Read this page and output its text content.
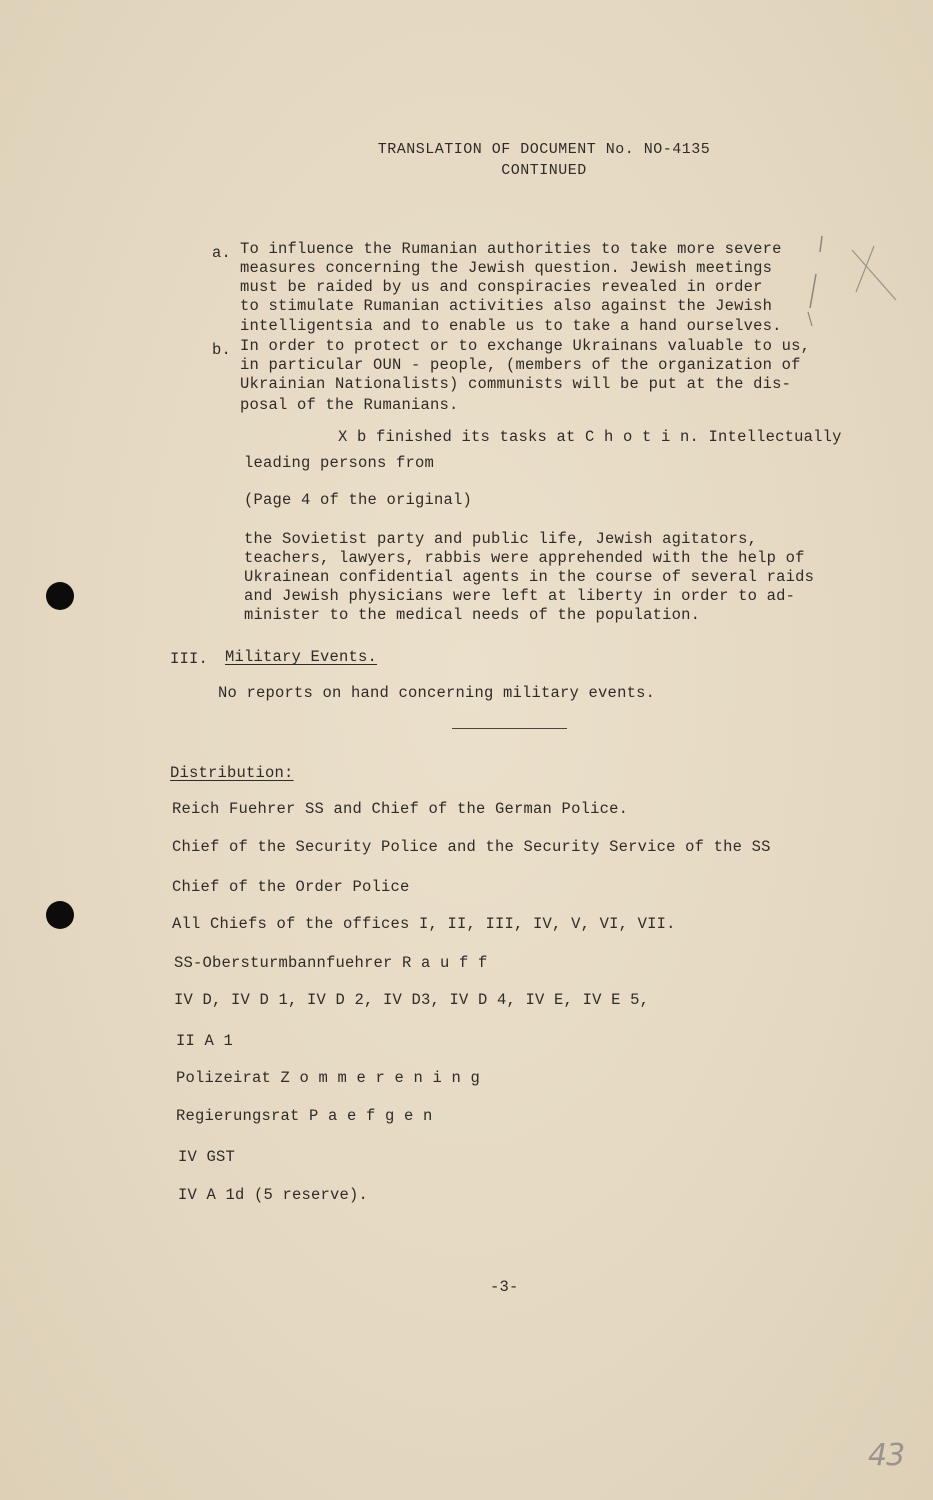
TRANSLATION OF DOCUMENT No. NO-4135
CONTINUED
a. To influence the Rumanian authorities to take more severe
measures concerning the Jewish question. Jewish meetings
must be raided by us and conspiracies revealed in order
to stimulate Rumanian activities also against the Jewish
intelligentsia and to enable us to take a hand ourselves.
b. In order to protect or to exchange Ukrainans valuable to us,
in particular OUN - people, (members of the organization of
Ukrainian Nationalists) communists will be put at the dis-
posal of the Rumanians.
X b finished its tasks at C h o t i n. Intellectually
leading persons from
(Page 4 of the original)
the Sovietist party and public life, Jewish agitators,
teachers, lawyers, rabbis were apprehended with the help of
Ukrainean confidential agents in the course of several raids
and Jewish physicians were left at liberty in order to ad-
minister to the medical needs of the population.
III. Military Events.
No reports on hand concerning military events.
Distribution:
Reich Fuehrer SS and Chief of the German Police.
Chief of the Security Police and the Security Service of the SS
Chief of the Order Police
All Chiefs of the offices I, II, III, IV, V, VI, VII.
SS-Obersturmbannfuehrer R a u f f
IV D, IV D 1, IV D 2, IV D3, IV D 4, IV E, IV E 5,
II A 1
Polizeirat Z o m m e r e n i n g
Regierungsrat P a e f g e n
IV GST
IV A 1d (5 reserve).
-3-
43
